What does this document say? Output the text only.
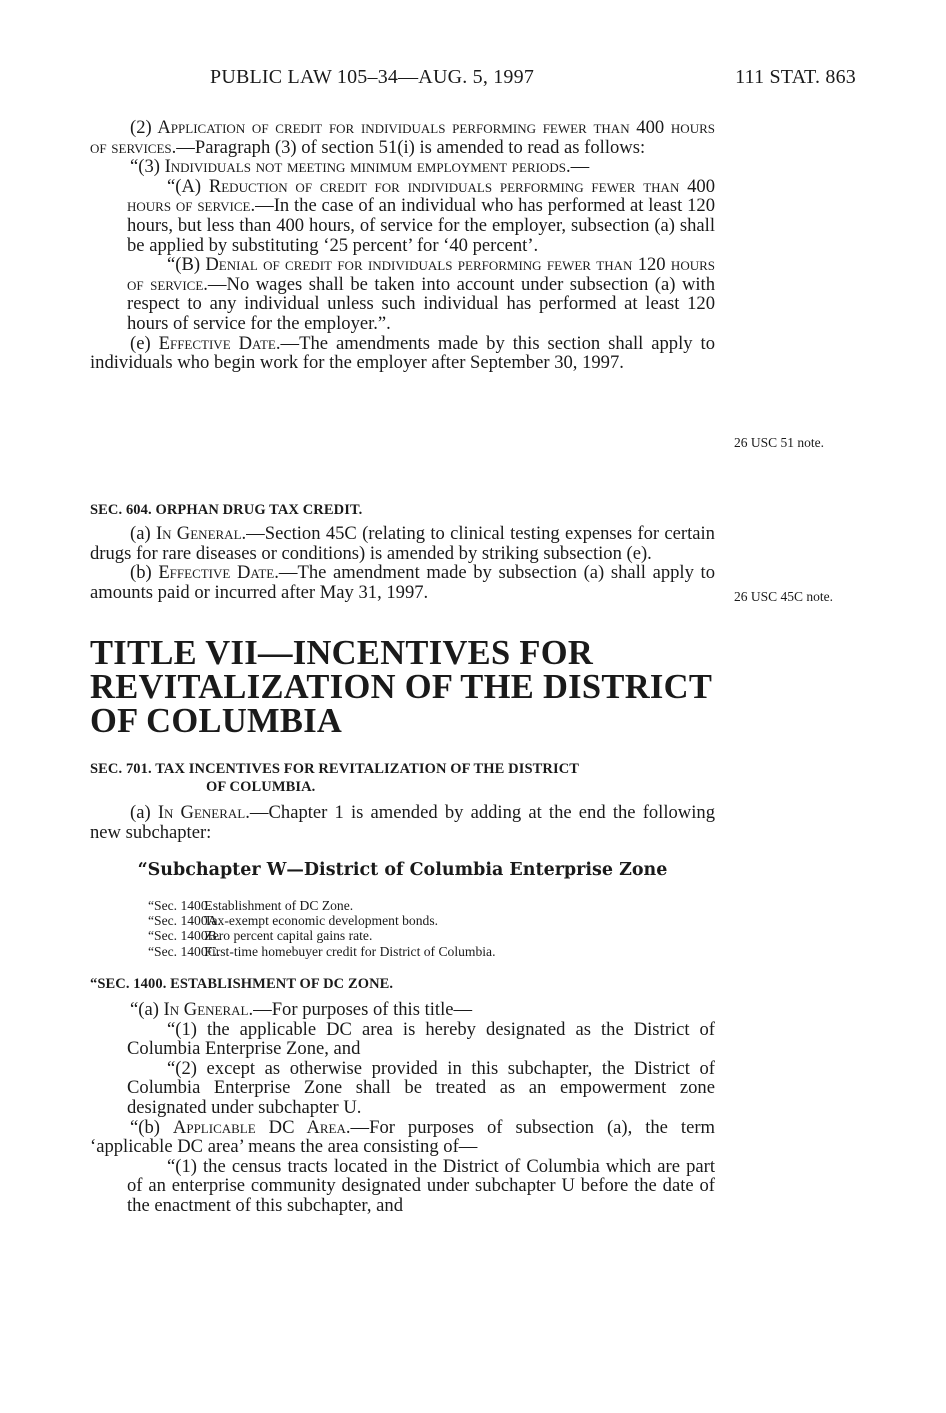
PUBLIC LAW 105–34—AUG. 5, 1997	111 STAT. 863

(2) Application of credit for individuals performing fewer than 400 hours of services.—Paragraph (3) of section 51(i) is amended to read as follows:

“(3) Individuals not meeting minimum employment periods.—

“(A) Reduction of credit for individuals performing fewer than 400 hours of service.—In the case of an individual who has performed at least 120 hours, but less than 400 hours, of service for the employer, subsection (a) shall be applied by substituting ‘25 percent’ for ‘40 percent’.

“(B) Denial of credit for individuals performing fewer than 120 hours of service.—No wages shall be taken into account under subsection (a) with respect to any individual unless such individual has performed at least 120 hours of service for the employer.”.

(e) Effective Date.—The amendments made by this section shall apply to individuals who begin work for the employer after September 30, 1997.

26 USC 51 note.
SEC. 604. ORPHAN DRUG TAX CREDIT.

(a) In General.—Section 45C (relating to clinical testing expenses for certain drugs for rare diseases or conditions) is amended by striking subsection (e).

(b) Effective Date.—The amendment made by subsection (a) shall apply to amounts paid or incurred after May 31, 1997.	26 USC 45C note.
TITLE VII—INCENTIVES FOR REVITALIZATION OF THE DISTRICT OF COLUMBIA
SEC. 701. TAX INCENTIVES FOR REVITALIZATION OF THE DISTRICT
OF COLUMBIA.

(a) In General.—Chapter 1 is amended by adding at the end the following new subchapter:

“Subchapter W—District of Columbia Enterprise Zone
“Sec. 1400. Establishment of DC Zone.
“Sec. 1400A. Tax-exempt economic development bonds.
“Sec. 1400B. Zero percent capital gains rate.
“Sec. 1400C. First-time homebuyer credit for District of Columbia.
“SEC. 1400. ESTABLISHMENT OF DC ZONE.

“(a) In General.—For purposes of this title—

“(1) the applicable DC area is hereby designated as the District of Columbia Enterprise Zone, and

“(2) except as otherwise provided in this subchapter, the District of Columbia Enterprise Zone shall be treated as an empowerment zone designated under subchapter U.

“(b) Applicable DC Area.—For purposes of subsection (a), the term ‘applicable DC area’ means the area consisting of—

“(1) the census tracts located in the District of Columbia which are part of an enterprise community designated under subchapter U before the date of the enactment of this subchapter, and
